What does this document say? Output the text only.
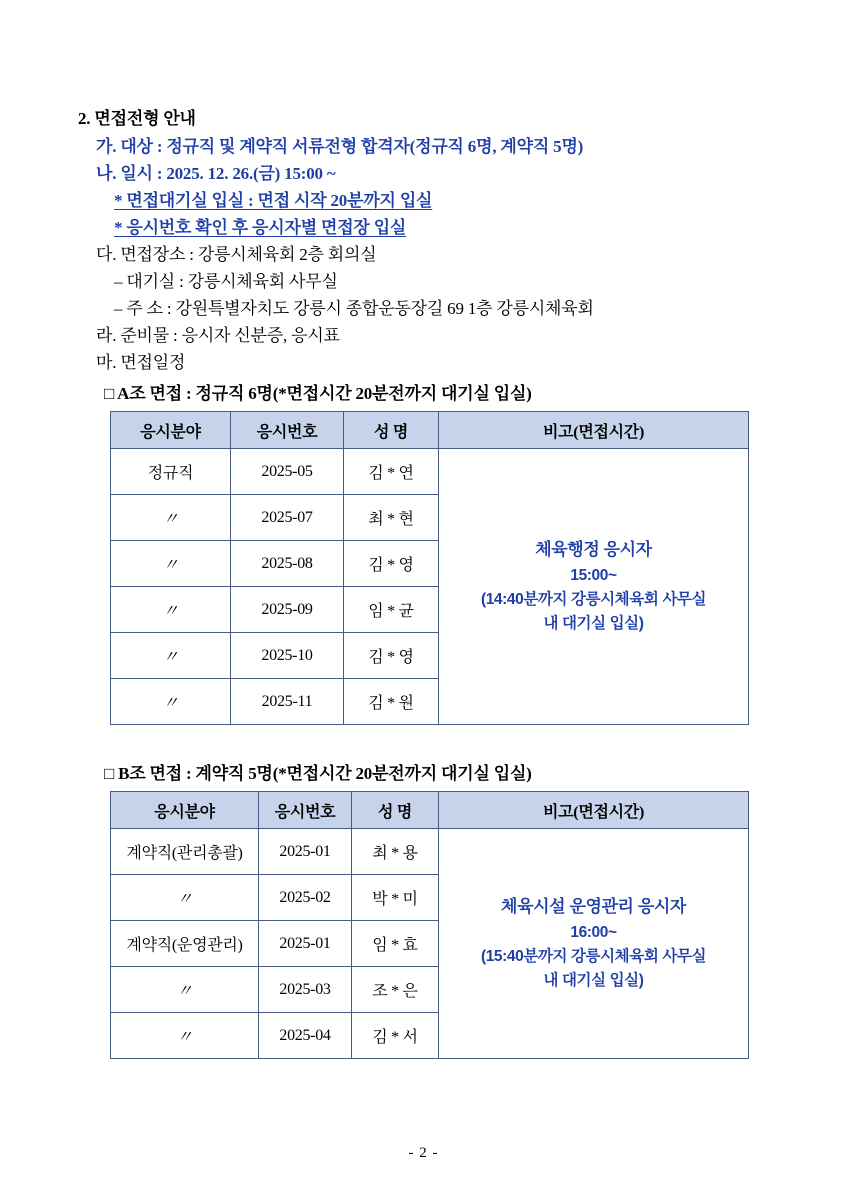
2. 면접전형 안내
가. 대상 : 정규직 및 계약직 서류전형 합격자(정규직 6명, 계약직 5명)
나. 일시 : 2025. 12. 26.(금) 15:00 ~
* 면접대기실 입실 : 면접 시작 20분까지 입실
* 응시번호 확인 후 응시자별 면접장 입실
다. 면접장소 : 강릉시체육회 2층 회의실
– 대기실 : 강릉시체육회 사무실
– 주 소 : 강원특별자치도 강릉시 종합운동장길 69 1층 강릉시체육회
라. 준비물 : 응시자 신분증, 응시표
마. 면접일정
□ A조 면접 : 정규직 6명(*면접시간 20분전까지 대기실 입실)
응시분야	응시번호	성 명	비고(면접시간)
정규직	2025-05	김 * 연	체육행정 응시자
15:00~
(14:40분까지 강릉시체육회 사무실
내 대기실 입실)

〃	2025-07	최 * 현	
〃	2025-08	김 * 영	
〃	2025-09	임 * 균	
〃	2025-10	김 * 영	
〃	2025-11	김 * 원	
□ B조 면접 : 계약직 5명(*면접시간 20분전까지 대기실 입실)
응시분야	응시번호	성 명	비고(면접시간)
계약직(관리총괄)	2025-01	최 * 용	체육시설 운영관리 응시자
16:00~
(15:40분까지 강릉시체육회 사무실
내 대기실 입실)

〃	2025-02	박 * 미	
계약직(운영관리)	2025-01	임 * 효	
〃	2025-03	조 * 은	
〃	2025-04	김 * 서	
- 2 -
